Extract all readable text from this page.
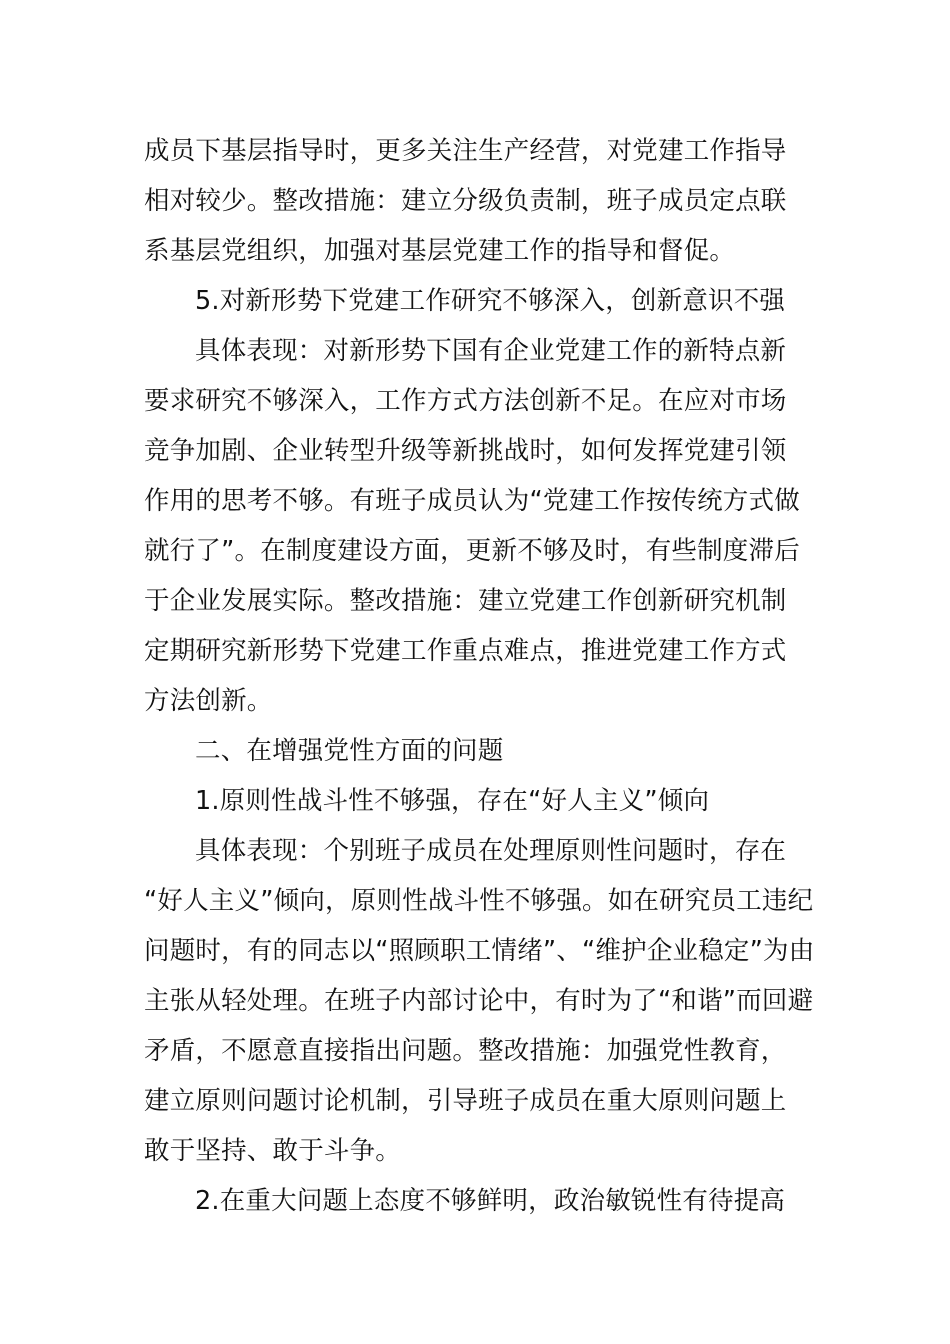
成员下基层指导时，更多关注生产经营，对党建工作指导
相对较少。整改措施：建立分级负责制，班子成员定点联
系基层党组织，加强对基层党建工作的指导和督促。
5.对新形势下党建工作研究不够深入，创新意识不强
具体表现：对新形势下国有企业党建工作的新特点新
要求研究不够深入，工作方式方法创新不足。在应对市场
竞争加剧、企业转型升级等新挑战时，如何发挥党建引领
作用的思考不够。有班子成员认为“党建工作按传统方式做
就行了”。在制度建设方面，更新不够及时，有些制度滞后
于企业发展实际。整改措施：建立党建工作创新研究机制
定期研究新形势下党建工作重点难点，推进党建工作方式
方法创新。
二、在增强党性方面的问题
1.原则性战斗性不够强，存在“好人主义”倾向
具体表现：个别班子成员在处理原则性问题时，存在
“好人主义”倾向，原则性战斗性不够强。如在研究员工违纪
问题时，有的同志以“照顾职工情绪”、“维护企业稳定”为由
主张从轻处理。在班子内部讨论中，有时为了“和谐”而回避
矛盾，不愿意直接指出问题。整改措施：加强党性教育，
建立原则问题讨论机制，引导班子成员在重大原则问题上
敢于坚持、敢于斗争。
2.在重大问题上态度不够鲜明，政治敏锐性有待提高
